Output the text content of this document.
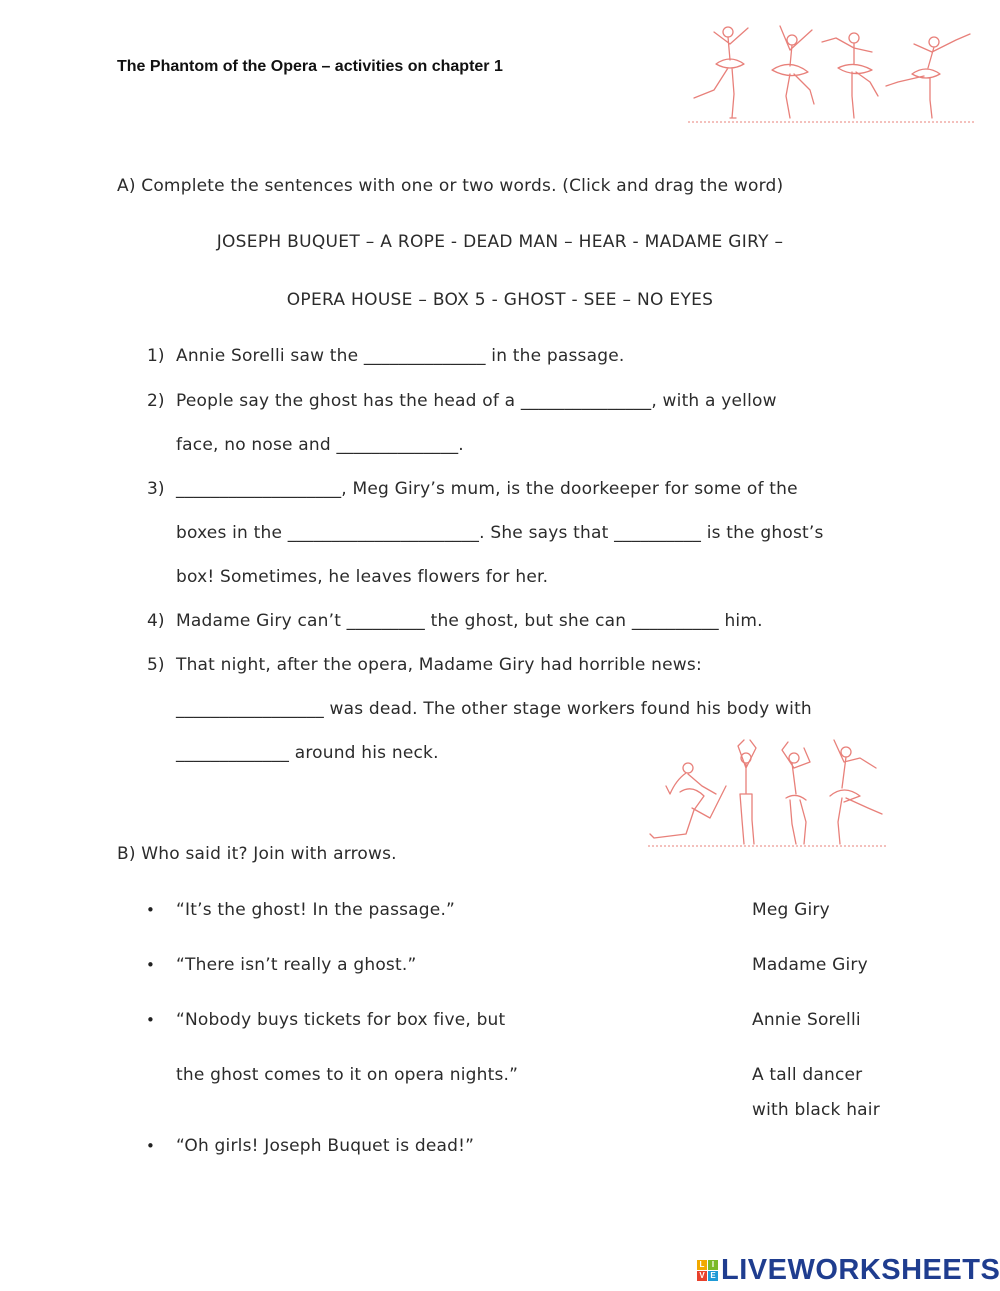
The Phantom of the Opera – activities on chapter 1
A) Complete the sentences with one or two words. (Click and drag the word)
JOSEPH BUQUET – A ROPE - DEAD MAN – HEAR - MADAME GIRY –
OPERA HOUSE – BOX 5 - GHOST - SEE – NO EYES
1) Annie Sorelli saw the ______________ in the passage.
2) People say the ghost has the head of a _______________, with a yellow
face, no nose and ______________.
3) ___________________, Meg Giry’s mum, is the doorkeeper for some of the
boxes in the ______________________. She says that __________ is the ghost’s
box! Sometimes, he leaves flowers for her.
4) Madame Giry can’t _________ the ghost, but she can __________ him.
5) That night, after the opera, Madame Giry had horrible news:
_________________ was dead. The other stage workers found his body with
_____________ around his neck.
B) Who said it? Join with arrows.
• “It’s the ghost! In the passage.”	Meg Giry
• “There isn’t really a ghost.”	Madame Giry
• “Nobody buys tickets for box five, but	Annie Sorelli
the ghost comes to it on opera nights.”	A tall dancer
with black hair
• “Oh girls! Joseph Buquet is dead!”
L I
V E LIVEWORKSHEETS
